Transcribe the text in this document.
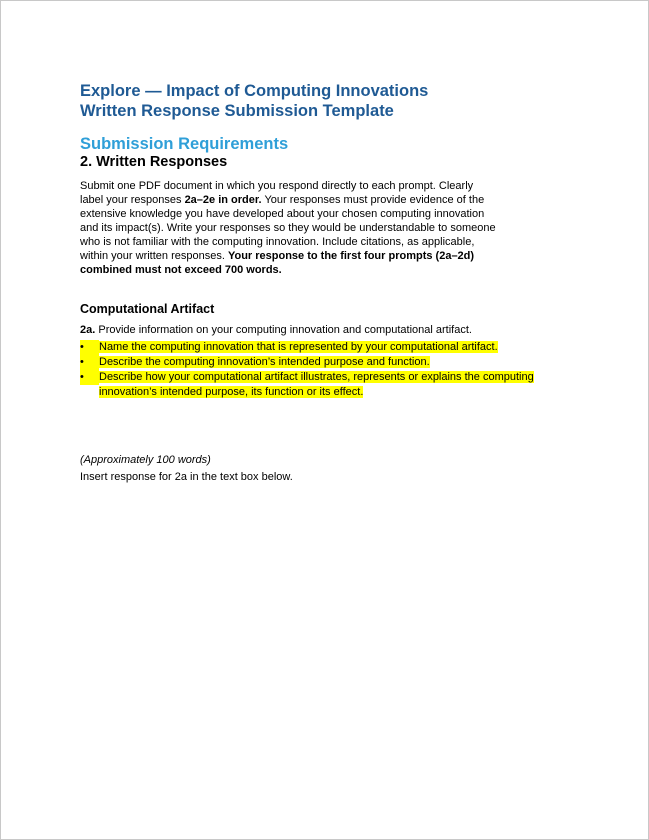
Explore — Impact of Computing Innovations
Written Response Submission Template
Submission Requirements
2. Written Responses
Submit one PDF document in which you respond directly to each prompt. Clearly
label your responses 2a–2e in order. Your responses must provide evidence of the
extensive knowledge you have developed about your chosen computing innovation
and its impact(s). Write your responses so they would be understandable to someone
who is not familiar with the computing innovation. Include citations, as applicable,
within your written responses. Your response to the first four prompts (2a–2d)
combined must not exceed 700 words.
Computational Artifact
2a. Provide information on your computing innovation and computational artifact.
•	Name the computing innovation that is represented by your computational artifact.
•	Describe the computing innovation’s intended purpose and function.
•	Describe how your computational artifact illustrates, represents or explains the computing
innovation’s intended purpose, its function or its effect.
(Approximately 100 words)
Insert response for 2a in the text box below.
